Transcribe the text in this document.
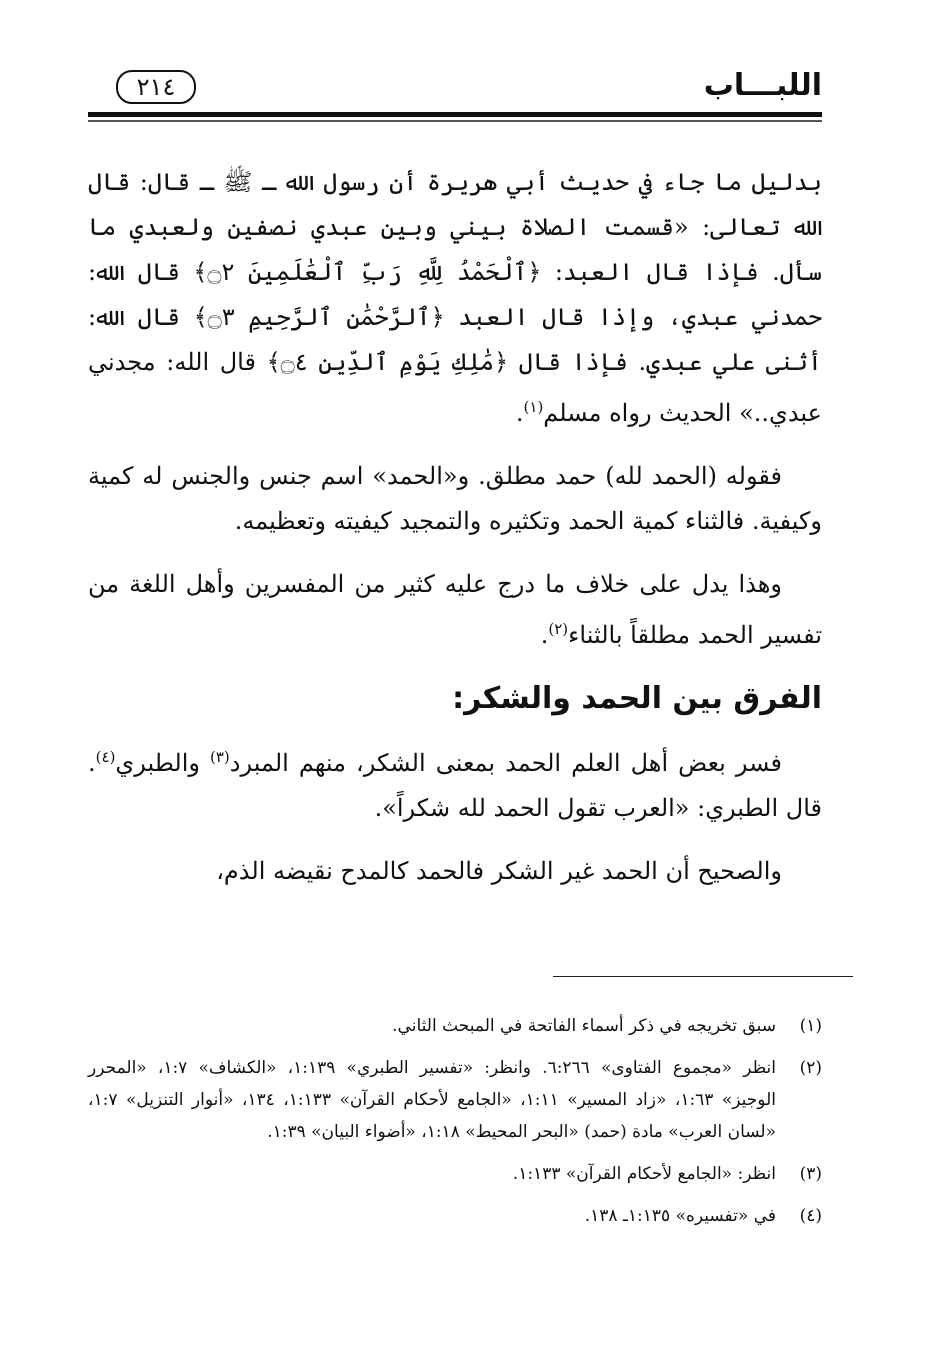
اللبـــاب
٢١٤

بدليل ما جاء في حديث أبي هريرة أن رسول الله ـ ﷺ ـ قال: قال الله تعالى: «قسمت الصلاة بيني وبين عبدي نصفين ولعبدي ما سأل. فإذا قال العبد: ﴿ٱلْحَمْدُ لِلَّهِ رَبِّ ٱلْعَٰلَمِينَ ۝٢﴾ قال الله: حمدني عبدي، وإذا قال العبد ﴿ٱلرَّحْمَٰنِ ٱلرَّحِيمِ ۝٣﴾ قال الله: أثنى علي عبدي. فإذا قال ﴿مَٰلِكِ يَوْمِ ٱلدِّينِ ۝٤﴾ قال الله: مجدني عبدي..» الحديث رواه مسلم$^{(١)}$.

فقوله (الحمد لله) حمد مطلق. و«الحمد» اسم جنس والجنس له كمية وكيفية. فالثناء كمية الحمد وتكثيره والتمجيد كيفيته وتعظيمه.

وهذا يدل على خلاف ما درج عليه كثير من المفسرين وأهل اللغة من تفسير الحمد مطلقاً بالثناء$^{(٢)}$.

الفرق بين الحمد والشكر:

فسر بعض أهل العلم الحمد بمعنى الشكر، منهم المبرد$^{(٣)}$ والطبري$^{(٤)}$. قال الطبري: «العرب تقول الحمد لله شكراً».

والصحيح أن الحمد غير الشكر فالحمد كالمدح نقيضه الذم،

(١)
سبق تخريجه في ذكر أسماء الفاتحة في المبحث الثاني.
(٢)
انظر «مجموع الفتاوى» ٦:٢٦٦. وانظر: «تفسير الطبري» ١:١٣٩، «الكشاف» ١:٧، «المحرر الوجيز» ١:٦٣، «زاد المسير» ١:١١، «الجامع لأحكام القرآن» ١:١٣٣، ١٣٤، «أنوار التنزيل» ١:٧، «لسان العرب» مادة (حمد) «البحر المحيط» ١:١٨، «أضواء البيان» ١:٣٩.
(٣)
انظر: «الجامع لأحكام القرآن» ١:١٣٣.
(٤)
في «تفسيره» ١:١٣٥ـ ١٣٨.
